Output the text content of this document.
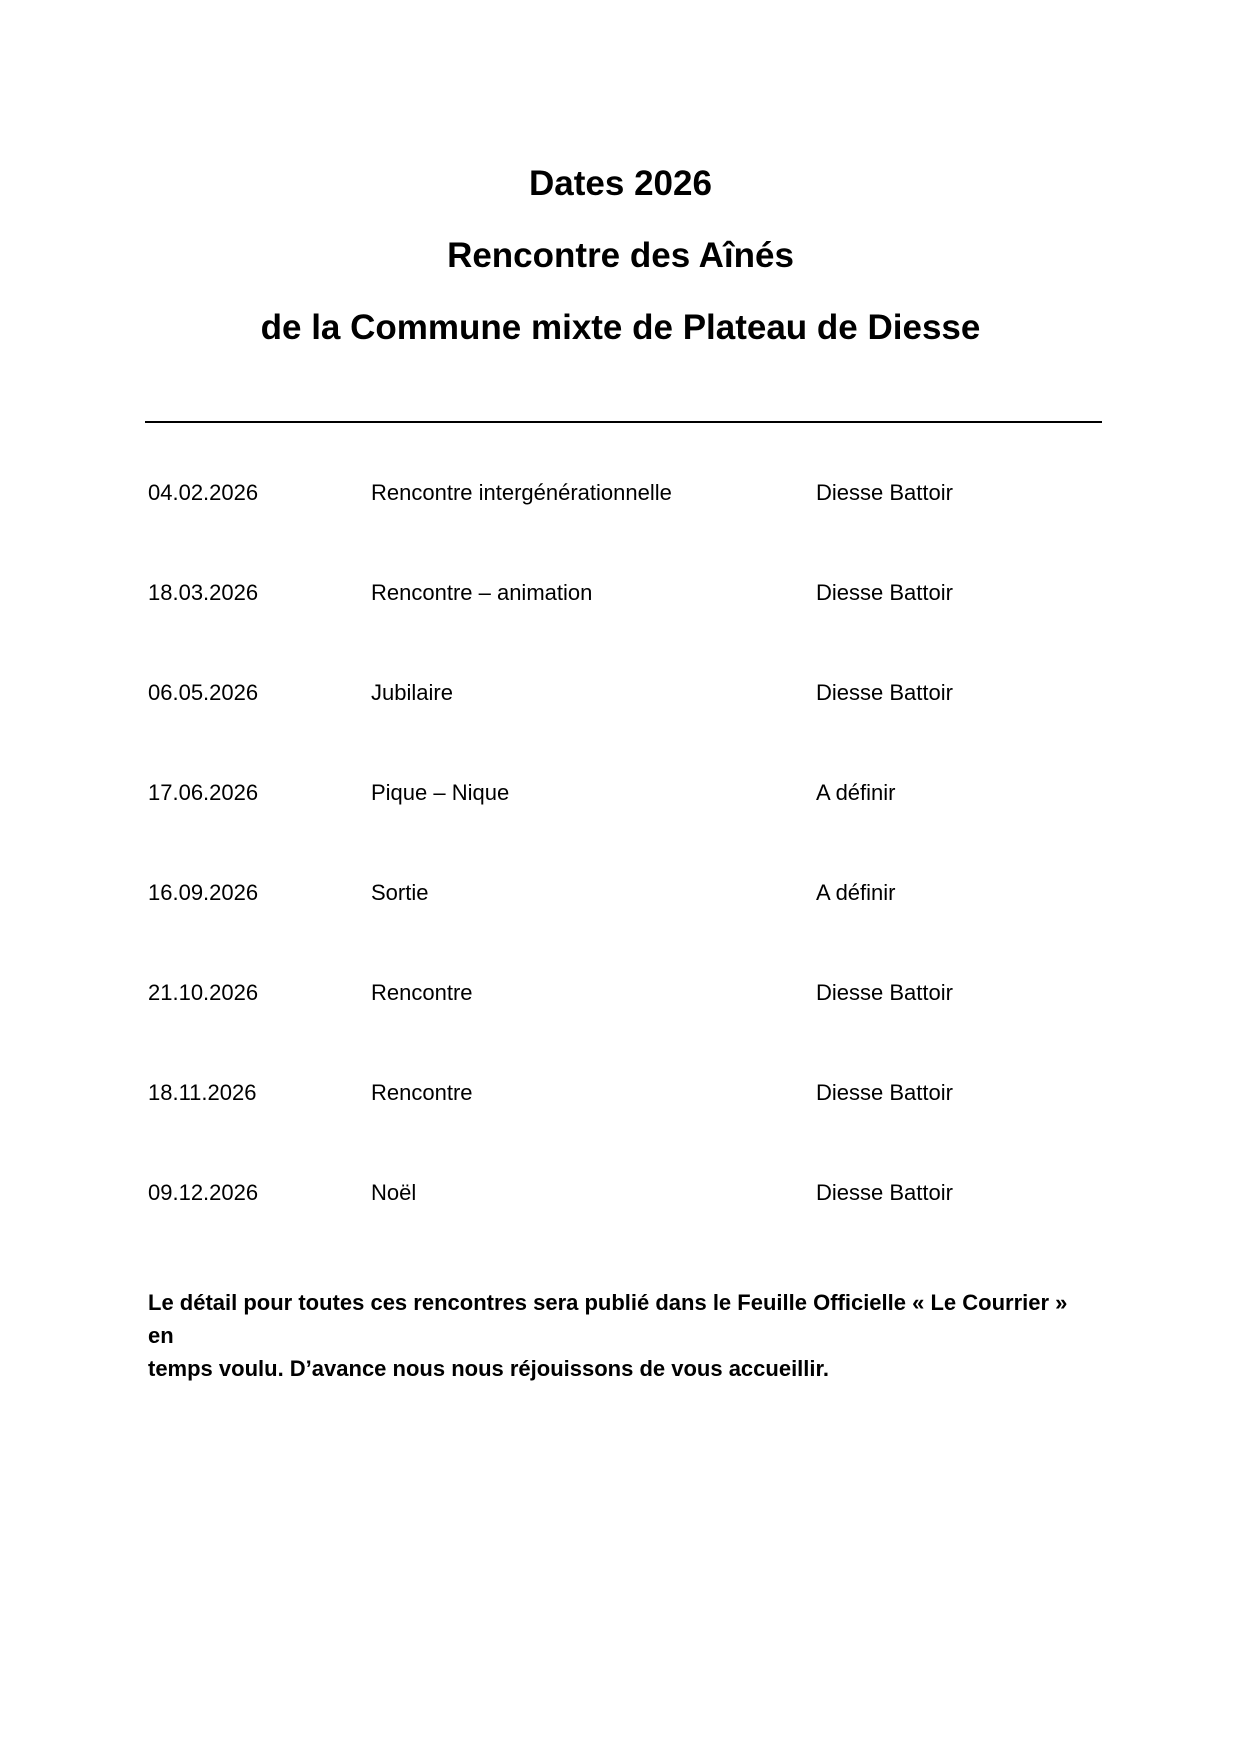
Dates 2026
Rencontre des Aînés
de la Commune mixte de Plateau de Diesse
04.02.2026	Rencontre intergénérationnelle	Diesse Battoir
18.03.2026	Rencontre – animation	Diesse Battoir
06.05.2026	Jubilaire	Diesse Battoir
17.06.2026	Pique – Nique	A définir
16.09.2026	Sortie	A définir
21.10.2026	Rencontre	Diesse Battoir
18.11.2026	Rencontre	Diesse Battoir
09.12.2026	Noël	Diesse Battoir
Le détail pour toutes ces rencontres sera publié dans le Feuille Officielle « Le Courrier » en
temps voulu. D’avance nous nous réjouissons de vous accueillir.
